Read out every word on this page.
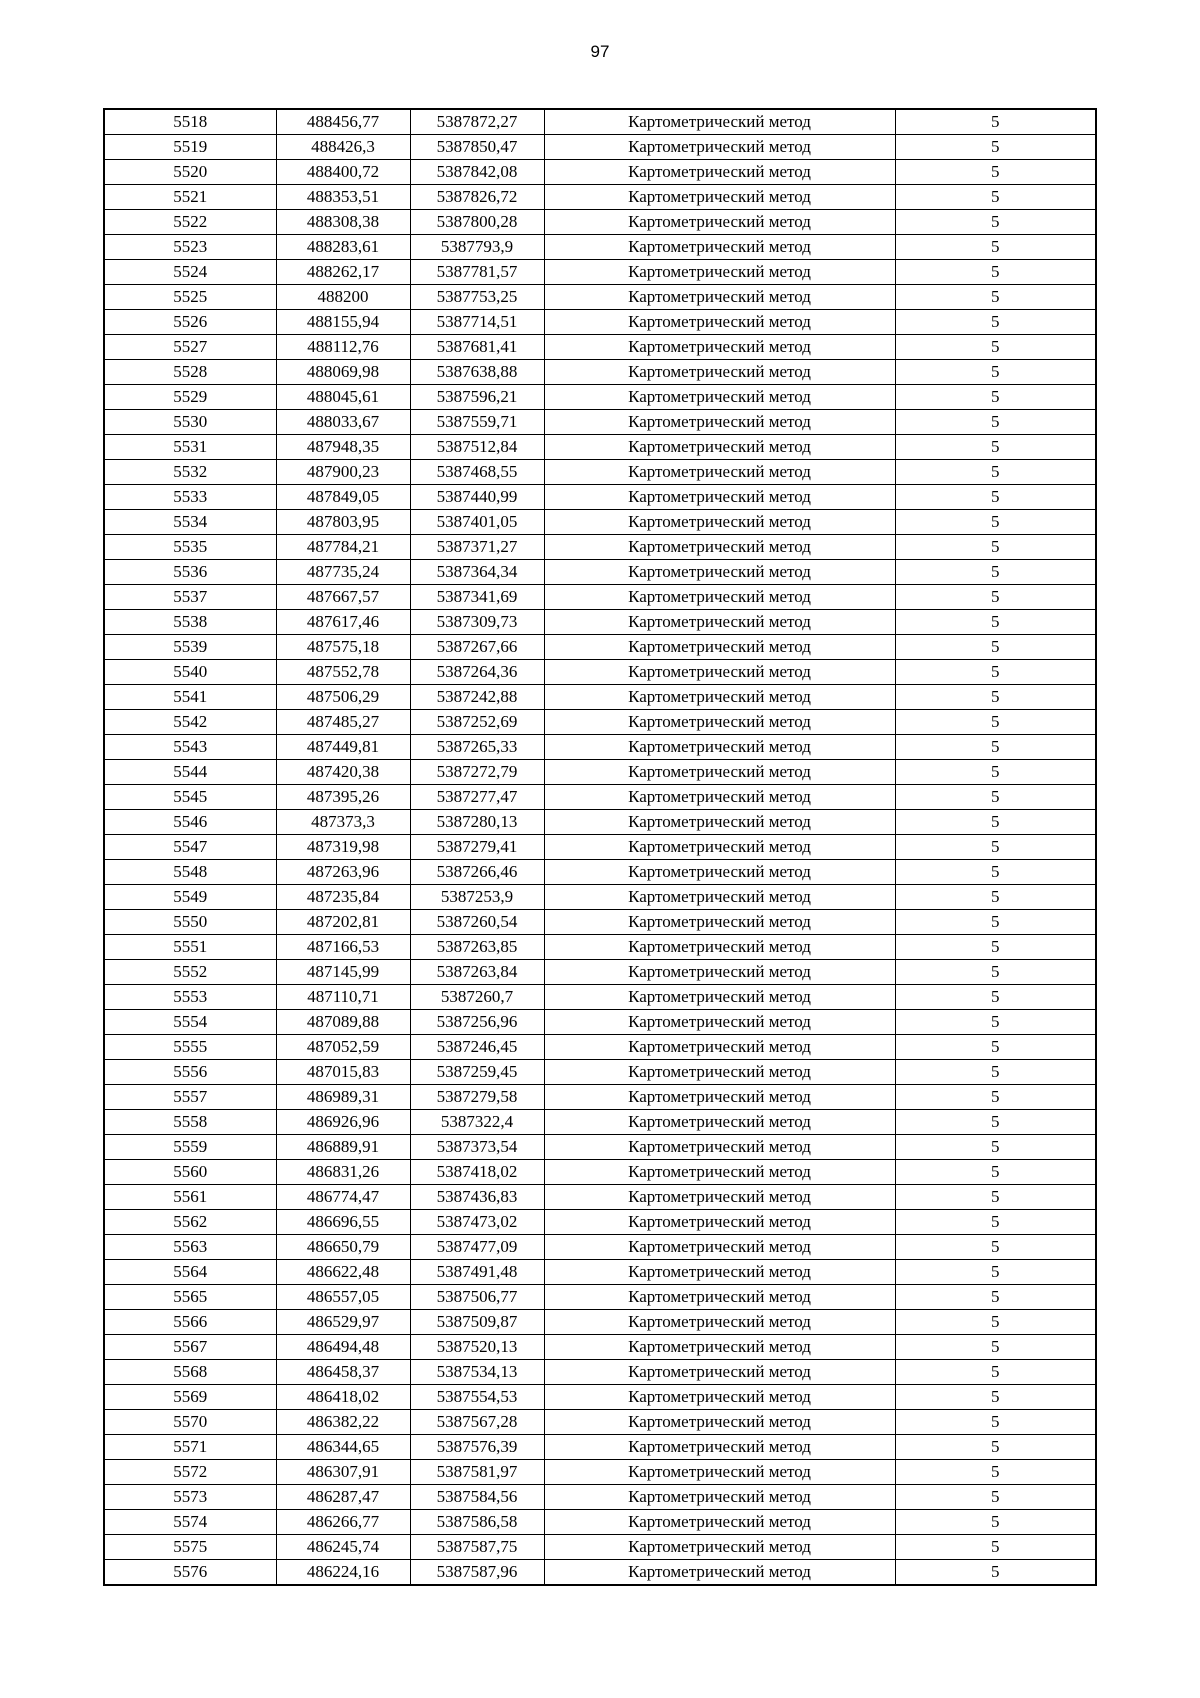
97
5518	488456,77	5387872,27	Картометрический метод	5
5519	488426,3	5387850,47	Картометрический метод	5
5520	488400,72	5387842,08	Картометрический метод	5
5521	488353,51	5387826,72	Картометрический метод	5
5522	488308,38	5387800,28	Картометрический метод	5
5523	488283,61	5387793,9	Картометрический метод	5
5524	488262,17	5387781,57	Картометрический метод	5
5525	488200	5387753,25	Картометрический метод	5
5526	488155,94	5387714,51	Картометрический метод	5
5527	488112,76	5387681,41	Картометрический метод	5
5528	488069,98	5387638,88	Картометрический метод	5
5529	488045,61	5387596,21	Картометрический метод	5
5530	488033,67	5387559,71	Картометрический метод	5
5531	487948,35	5387512,84	Картометрический метод	5
5532	487900,23	5387468,55	Картометрический метод	5
5533	487849,05	5387440,99	Картометрический метод	5
5534	487803,95	5387401,05	Картометрический метод	5
5535	487784,21	5387371,27	Картометрический метод	5
5536	487735,24	5387364,34	Картометрический метод	5
5537	487667,57	5387341,69	Картометрический метод	5
5538	487617,46	5387309,73	Картометрический метод	5
5539	487575,18	5387267,66	Картометрический метод	5
5540	487552,78	5387264,36	Картометрический метод	5
5541	487506,29	5387242,88	Картометрический метод	5
5542	487485,27	5387252,69	Картометрический метод	5
5543	487449,81	5387265,33	Картометрический метод	5
5544	487420,38	5387272,79	Картометрический метод	5
5545	487395,26	5387277,47	Картометрический метод	5
5546	487373,3	5387280,13	Картометрический метод	5
5547	487319,98	5387279,41	Картометрический метод	5
5548	487263,96	5387266,46	Картометрический метод	5
5549	487235,84	5387253,9	Картометрический метод	5
5550	487202,81	5387260,54	Картометрический метод	5
5551	487166,53	5387263,85	Картометрический метод	5
5552	487145,99	5387263,84	Картометрический метод	5
5553	487110,71	5387260,7	Картометрический метод	5
5554	487089,88	5387256,96	Картометрический метод	5
5555	487052,59	5387246,45	Картометрический метод	5
5556	487015,83	5387259,45	Картометрический метод	5
5557	486989,31	5387279,58	Картометрический метод	5
5558	486926,96	5387322,4	Картометрический метод	5
5559	486889,91	5387373,54	Картометрический метод	5
5560	486831,26	5387418,02	Картометрический метод	5
5561	486774,47	5387436,83	Картометрический метод	5
5562	486696,55	5387473,02	Картометрический метод	5
5563	486650,79	5387477,09	Картометрический метод	5
5564	486622,48	5387491,48	Картометрический метод	5
5565	486557,05	5387506,77	Картометрический метод	5
5566	486529,97	5387509,87	Картометрический метод	5
5567	486494,48	5387520,13	Картометрический метод	5
5568	486458,37	5387534,13	Картометрический метод	5
5569	486418,02	5387554,53	Картометрический метод	5
5570	486382,22	5387567,28	Картометрический метод	5
5571	486344,65	5387576,39	Картометрический метод	5
5572	486307,91	5387581,97	Картометрический метод	5
5573	486287,47	5387584,56	Картометрический метод	5
5574	486266,77	5387586,58	Картометрический метод	5
5575	486245,74	5387587,75	Картометрический метод	5
5576	486224,16	5387587,96	Картометрический метод	5
